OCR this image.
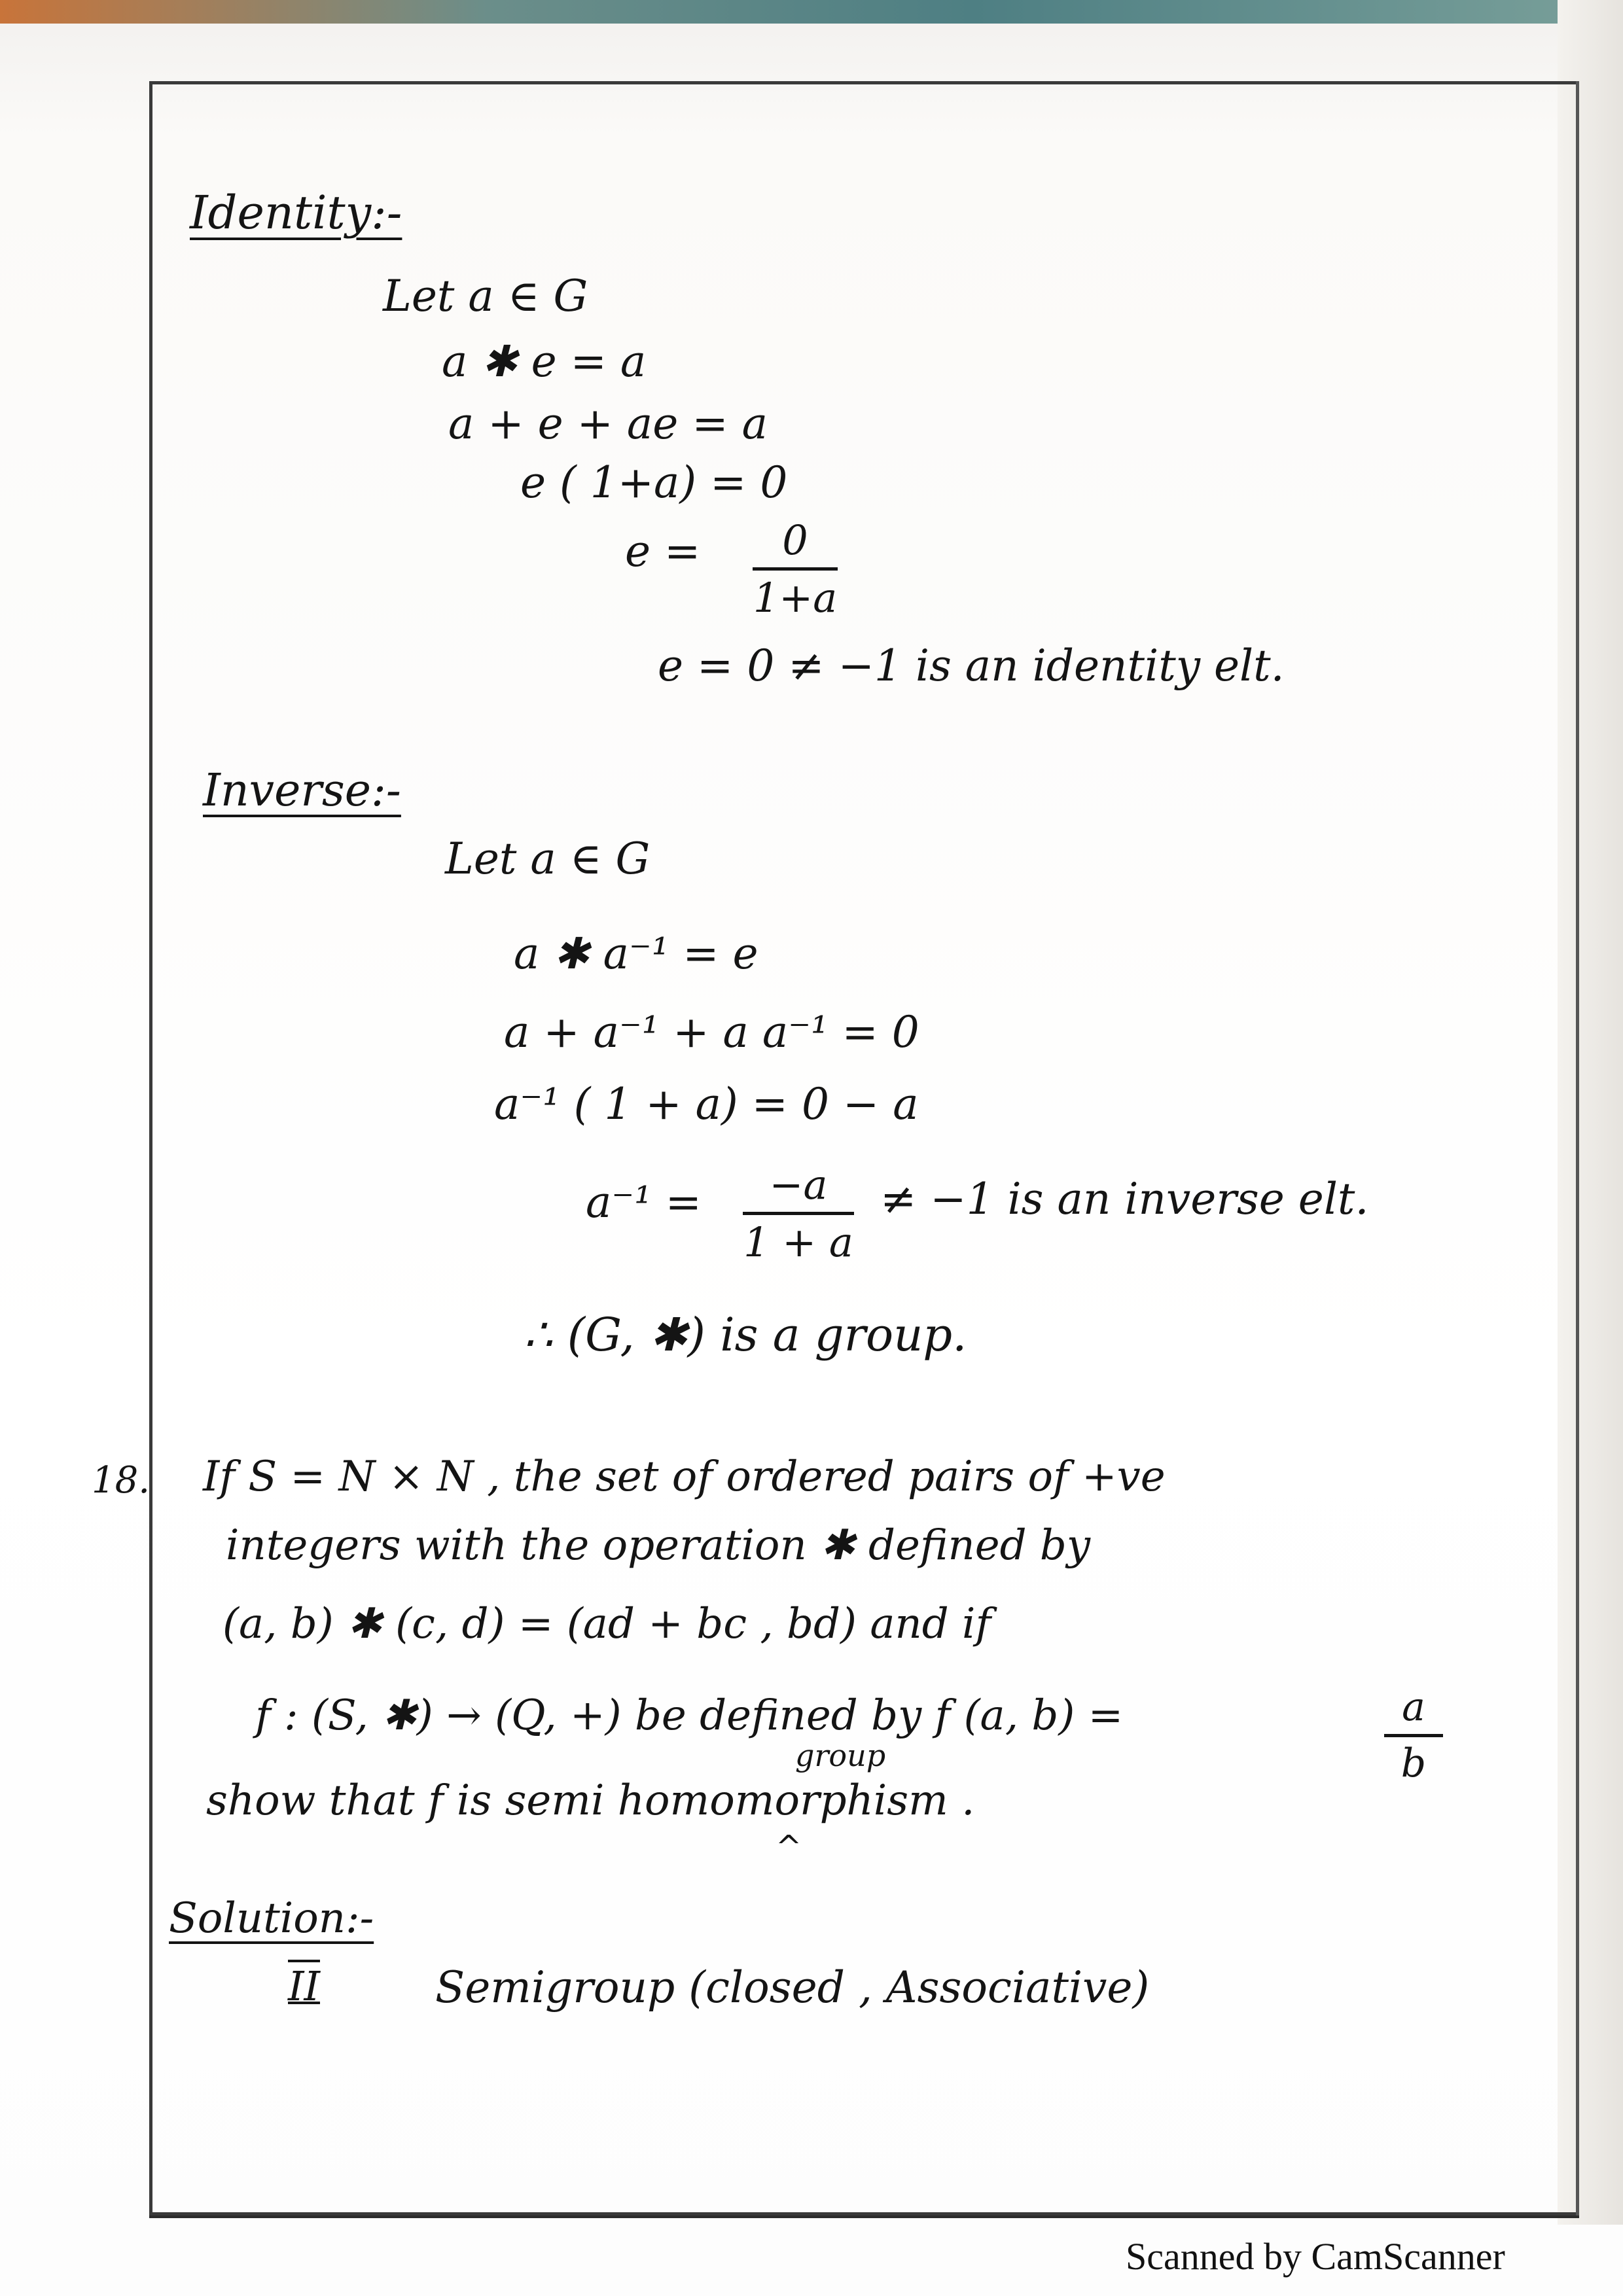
Identity:-
Let a ∈ G
a ✱ e = a
a + e + ae = a
e ( 1+a) = 0
e =	0
1+a
e = 0 ≠ −1 is an identity elt.
Inverse:-
Let a ∈ G
a ✱ a⁻¹ = e
a + a⁻¹ + a a⁻¹ = 0
a⁻¹ ( 1 + a) = 0 − a
a⁻¹ =	−a
1 + a
≠ −1 is an inverse elt.
∴ (G, ✱) is a group.
18. If S = N × N , the set of ordered pairs of +ve
integers with the operation ✱ defined by
(a, b) ✱ (c, d) = (ad + bc , bd) and if
f : (S, ✱) → (Q, +) be defined by f (a, b) =	a
b
group
show that f is semi homomorphism .
^
Solution:-
II	Semigroup (closed , Associative)
Scanned by CamScanner
